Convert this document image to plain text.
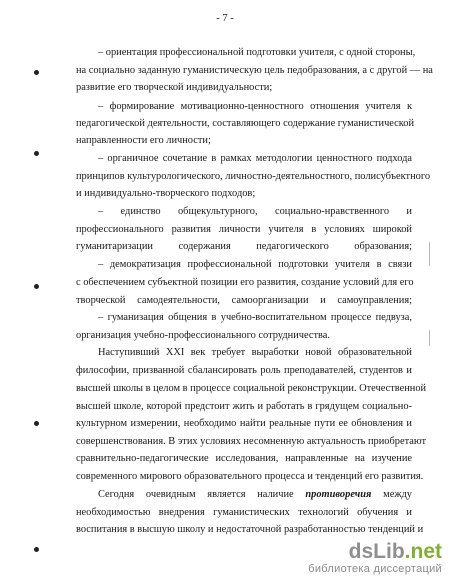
- 7 -
– ориентация профессиональной подготовки учителя, с одной стороны,
на социально заданную гуманистическую цель педобразования, а с другой — на
развитие его творческой индивидуальности;
– формирование мотивационно-ценностного отношения учителя к
педагогической деятельности, составляющего содержание гуманистической
направленности его личности;
– органичное сочетание в рамках методологии ценностного подхода
принципов культурологического, личностно-деятельностного, полисубъектного
и индивидуально-творческого подходов;
– единство общекультурного, социально-нравственного и
профессионального развития личности учителя в условиях широкой
гуманитаризации содержания педагогического образования;
– демократизация профессиональной подготовки учителя в связи
с обеспечением субъектной позиции его развития, создание условий для его
творческой самодеятельности, самоорганизации и самоуправления;
– гуманизация общения в учебно-воспитательном процессе педвуза,
организация учебно-профессионального сотрудничества.
Наступивший XXI век требует выработки новой образовательной
философии, призванной сбалансировать роль преподавателей, студентов и
высшей школы в целом в процессе социальной реконструкции. Отечественной
высшей школе, которой предстоит жить и работать в грядущем социально-
культурном измерении, необходимо найти реальные пути ее обновления и
совершенствования. В этих условиях несомненную актуальность приобретают
сравнительно-педагогические исследования, направленные на изучение
современного мирового образовательного процесса и тенденций его развития.
Сегодня очевидным является наличие противоречия между
необходимостью внедрения гуманистических технологий обучения и
воспитания в высшую школу и недостаточной разработанностью тенденций и
dsLib.net
библиотека диссертаций
